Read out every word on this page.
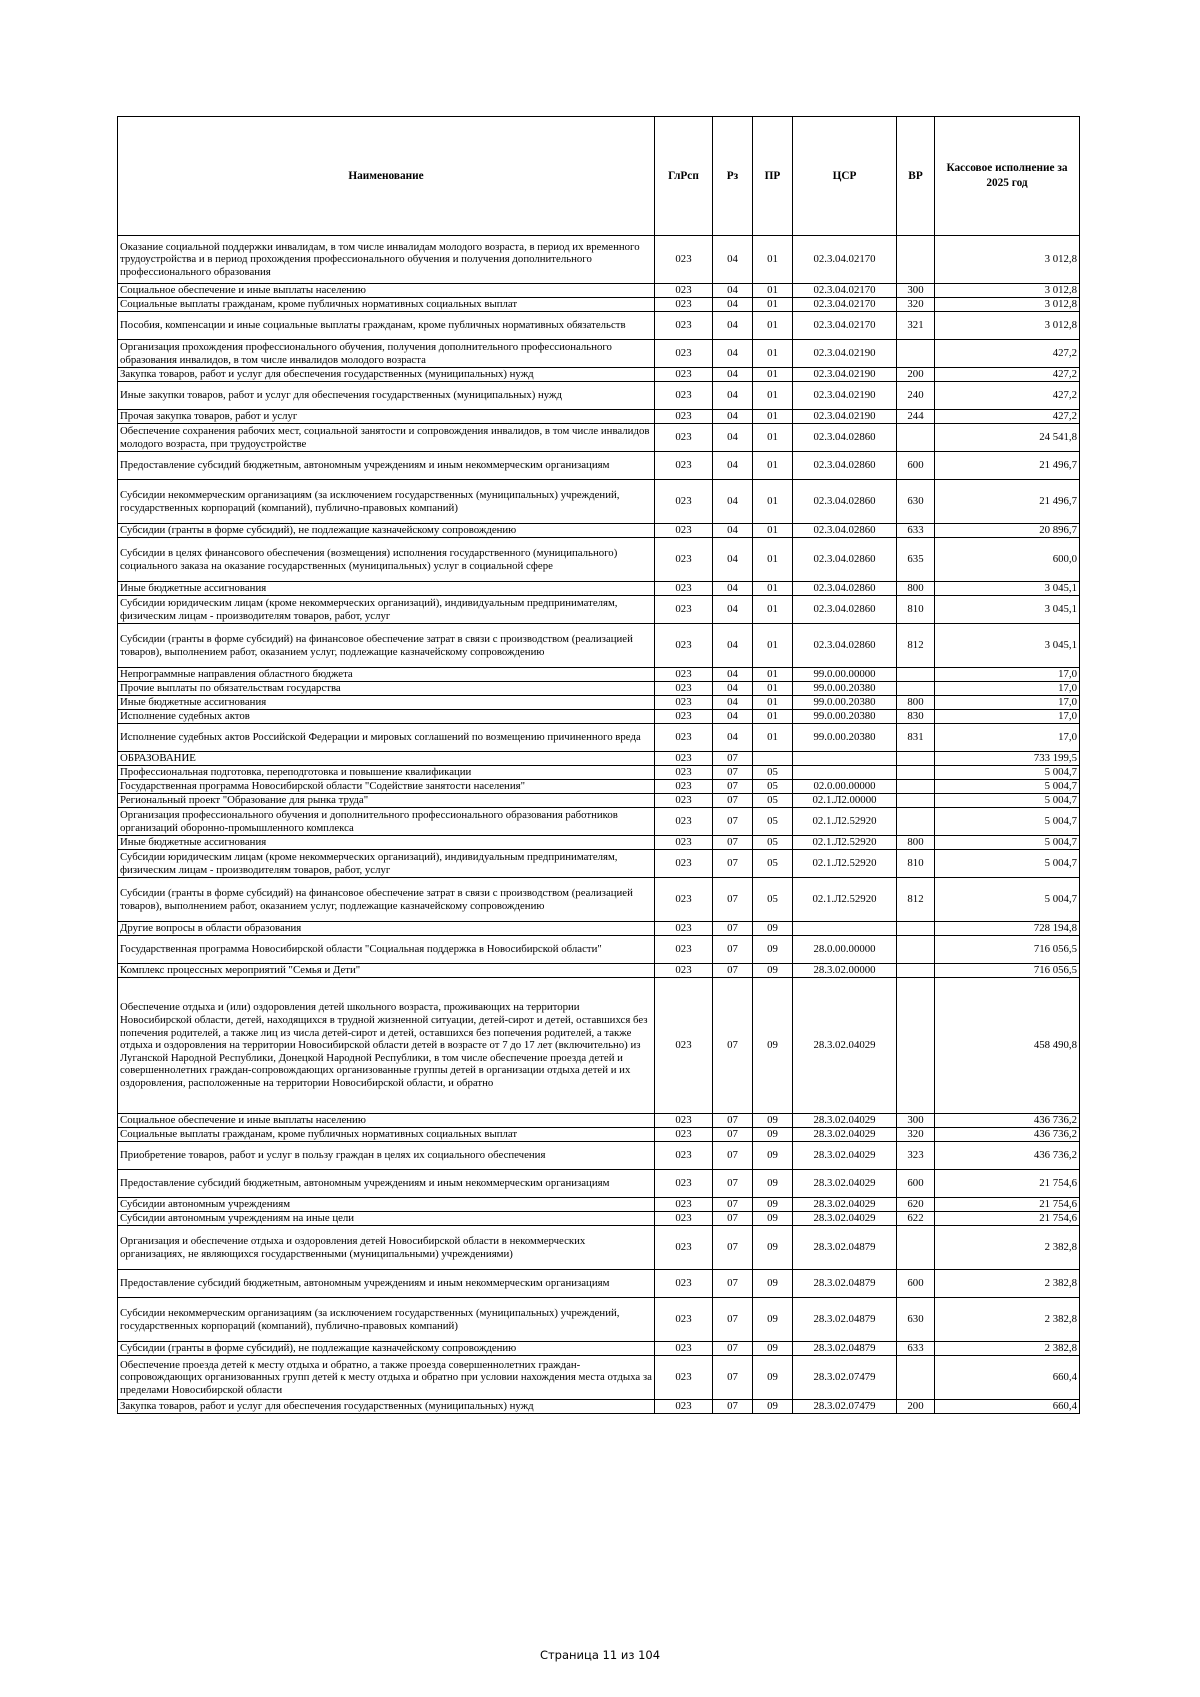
Наименование	ГлРсп	Рз	ПР	ЦСР	ВР	Кассовое исполнение за 2025 год
Оказание социальной поддержки инвалидам, в том числе инвалидам молодого возраста, в период их временного трудоустройства и в период прохождения профессионального обучения и получения дополнительного профессионального образования	023	04	01	02.3.04.02170		3 012,8
Социальное обеспечение и иные выплаты населению	023	04	01	02.3.04.02170	300	3 012,8
Социальные выплаты гражданам, кроме публичных нормативных социальных выплат	023	04	01	02.3.04.02170	320	3 012,8
Пособия, компенсации и иные социальные выплаты гражданам, кроме публичных нормативных обязательств	023	04	01	02.3.04.02170	321	3 012,8
Организация прохождения профессионального обучения, получения дополнительного профессионального образования инвалидов, в том числе инвалидов молодого возраста	023	04	01	02.3.04.02190		427,2
Закупка товаров, работ и услуг для обеспечения государственных (муниципальных) нужд	023	04	01	02.3.04.02190	200	427,2
Иные закупки товаров, работ и услуг для обеспечения государственных (муниципальных) нужд	023	04	01	02.3.04.02190	240	427,2
Прочая закупка товаров, работ и услуг	023	04	01	02.3.04.02190	244	427,2
Обеспечение сохранения рабочих мест, социальной занятости и сопровождения инвалидов, в том числе инвалидов молодого возраста, при трудоустройстве	023	04	01	02.3.04.02860		24 541,8
Предоставление субсидий бюджетным, автономным учреждениям и иным некоммерческим организациям	023	04	01	02.3.04.02860	600	21 496,7
Субсидии некоммерческим организациям (за исключением государственных (муниципальных) учреждений, государственных корпораций (компаний), публично-правовых компаний)	023	04	01	02.3.04.02860	630	21 496,7
Субсидии (гранты в форме субсидий), не подлежащие казначейскому сопровождению	023	04	01	02.3.04.02860	633	20 896,7
Субсидии в целях финансового обеспечения (возмещения) исполнения государственного (муниципального) социального заказа на оказание государственных (муниципальных) услуг в социальной сфере	023	04	01	02.3.04.02860	635	600,0
Иные бюджетные ассигнования	023	04	01	02.3.04.02860	800	3 045,1
Субсидии юридическим лицам (кроме некоммерческих организаций), индивидуальным предпринимателям, физическим лицам - производителям товаров, работ, услуг	023	04	01	02.3.04.02860	810	3 045,1
Субсидии (гранты в форме субсидий) на финансовое обеспечение затрат в связи с производством (реализацией товаров), выполнением работ, оказанием услуг, подлежащие казначейскому сопровождению	023	04	01	02.3.04.02860	812	3 045,1
Непрограммные направления областного бюджета	023	04	01	99.0.00.00000		17,0
Прочие выплаты по обязательствам государства	023	04	01	99.0.00.20380		17,0
Иные бюджетные ассигнования	023	04	01	99.0.00.20380	800	17,0
Исполнение судебных актов	023	04	01	99.0.00.20380	830	17,0
Исполнение судебных актов Российской Федерации и мировых соглашений по возмещению причиненного вреда	023	04	01	99.0.00.20380	831	17,0
ОБРАЗОВАНИЕ	023	07				733 199,5
Профессиональная подготовка, переподготовка и повышение квалификации	023	07	05			5 004,7
Государственная программа Новосибирской области "Содействие занятости населения"	023	07	05	02.0.00.00000		5 004,7
Региональный проект "Образование для рынка труда"	023	07	05	02.1.Л2.00000		5 004,7
Организация профессионального обучения и дополнительного профессионального образования работников организаций оборонно-промышленного комплекса	023	07	05	02.1.Л2.52920		5 004,7
Иные бюджетные ассигнования	023	07	05	02.1.Л2.52920	800	5 004,7
Субсидии юридическим лицам (кроме некоммерческих организаций), индивидуальным предпринимателям, физическим лицам - производителям товаров, работ, услуг	023	07	05	02.1.Л2.52920	810	5 004,7
Субсидии (гранты в форме субсидий) на финансовое обеспечение затрат в связи с производством (реализацией товаров), выполнением работ, оказанием услуг, подлежащие казначейскому сопровождению	023	07	05	02.1.Л2.52920	812	5 004,7
Другие вопросы в области образования	023	07	09			728 194,8
Государственная программа Новосибирской области "Социальная поддержка в Новосибирской области"	023	07	09	28.0.00.00000		716 056,5
Комплекс процессных мероприятий "Семья и Дети"	023	07	09	28.3.02.00000		716 056,5
Обеспечение отдыха и (или) оздоровления детей школьного возраста, проживающих на территории Новосибирской области, детей, находящихся в трудной жизненной ситуации, детей-сирот и детей, оставшихся без попечения родителей, а также лиц из числа детей-сирот и детей, оставшихся без попечения родителей, а также отдыха и оздоровления на территории Новосибирской области детей в возрасте от 7 до 17 лет (включительно) из Луганской Народной Республики, Донецкой Народной Республики, в том числе обеспечение проезда детей и совершеннолетних граждан-сопровождающих организованные группы детей в организации отдыха детей и их оздоровления, расположенные на территории Новосибирской области, и обратно	023	07	09	28.3.02.04029		458 490,8
Социальное обеспечение и иные выплаты населению	023	07	09	28.3.02.04029	300	436 736,2
Социальные выплаты гражданам, кроме публичных нормативных социальных выплат	023	07	09	28.3.02.04029	320	436 736,2
Приобретение товаров, работ и услуг в пользу граждан в целях их социального обеспечения	023	07	09	28.3.02.04029	323	436 736,2
Предоставление субсидий бюджетным, автономным учреждениям и иным некоммерческим организациям	023	07	09	28.3.02.04029	600	21 754,6
Субсидии автономным учреждениям	023	07	09	28.3.02.04029	620	21 754,6
Субсидии автономным учреждениям на иные цели	023	07	09	28.3.02.04029	622	21 754,6
Организация и обеспечение отдыха и оздоровления детей Новосибирской области в некоммерческих организациях, не являющихся государственными (муниципальными) учреждениями)	023	07	09	28.3.02.04879		2 382,8
Предоставление субсидий бюджетным, автономным учреждениям и иным некоммерческим организациям	023	07	09	28.3.02.04879	600	2 382,8
Субсидии некоммерческим организациям (за исключением государственных (муниципальных) учреждений, государственных корпораций (компаний), публично-правовых компаний)	023	07	09	28.3.02.04879	630	2 382,8
Субсидии (гранты в форме субсидий), не подлежащие казначейскому сопровождению	023	07	09	28.3.02.04879	633	2 382,8
Обеспечение проезда детей к месту отдыха и обратно, а также проезда совершеннолетних граждан-сопровождающих организованных групп детей к месту отдыха и обратно при условии нахождения места отдыха за пределами Новосибирской области	023	07	09	28.3.02.07479		660,4
Закупка товаров, работ и услуг для обеспечения государственных (муниципальных) нужд	023	07	09	28.3.02.07479	200	660,4
Страница 11 из 104
